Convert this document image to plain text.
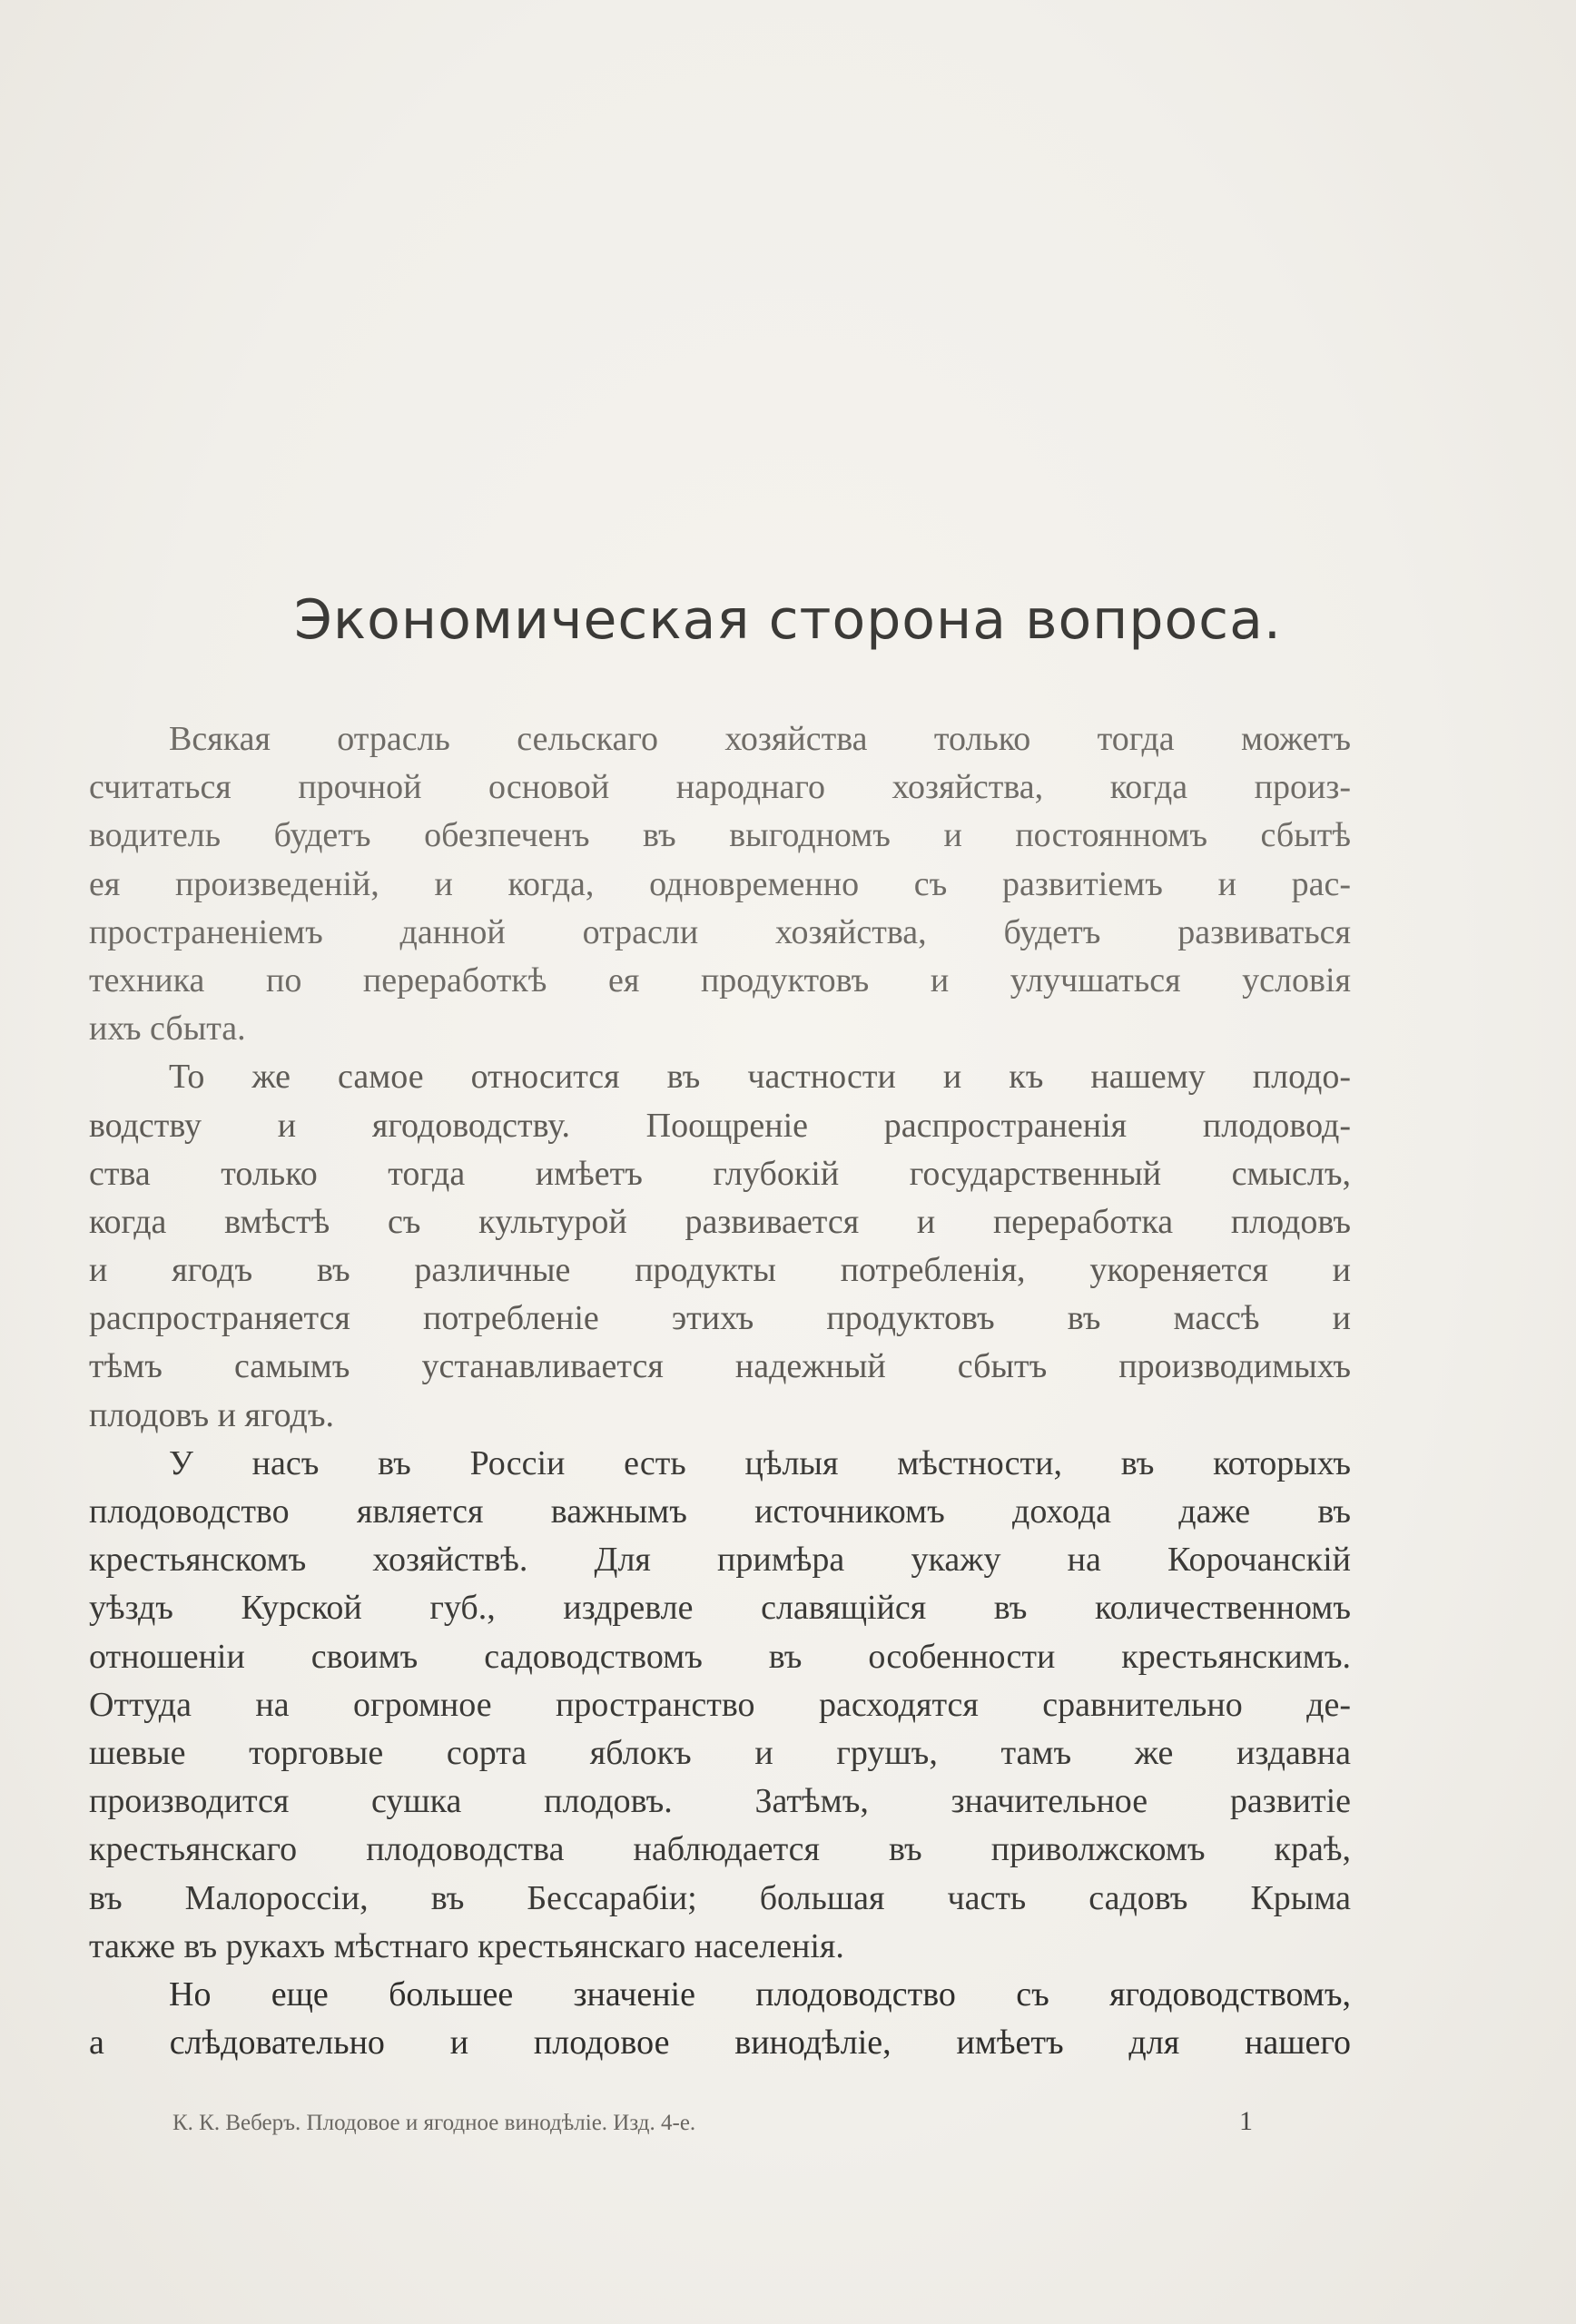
Экономическая сторона вопроса.
Всякая отрасль сельскаго хозяйства только тогда можетъ
считаться прочной основой народнаго хозяйства, когда произ-
водитель будетъ обезпеченъ въ выгодномъ и постоянномъ сбытѣ
ея произведенiй, и когда, одновременно съ развитiемъ и рас-
пространенiемъ данной отрасли хозяйства, будетъ развиваться
техника по переработкѣ ея продуктовъ и улучшаться условiя
ихъ сбыта.
То же самое относится въ частности и къ нашему плодо-
водству и ягодоводству. Поощренiе распространенiя плодовод-
ства только тогда имѣетъ глубокiй государственный смыслъ,
когда вмѣстѣ съ культурой развивается и переработка плодовъ
и ягодъ въ различные продукты потребленiя, укореняется и
распространяется потребленiе этихъ продуктовъ въ массѣ и
тѣмъ самымъ устанавливается надежный сбытъ производимыхъ
плодовъ и ягодъ.
У насъ въ Россiи есть цѣлыя мѣстности, въ которыхъ
плодоводство является важнымъ источникомъ дохода даже въ
крестьянскомъ хозяйствѣ. Для примѣра укажу на Корочанскiй
уѣздъ Курской губ., издревле славящiйся въ количественномъ
отношенiи своимъ садоводствомъ въ особенности крестьянскимъ.
Оттуда на огромное пространство расходятся сравнительно де-
шевые торговые сорта яблокъ и грушъ, тамъ же издавна
производится сушка плодовъ. Затѣмъ, значительное развитiе
крестьянскаго плодоводства наблюдается въ приволжскомъ краѣ,
въ Малороссiи, въ Бессарабiи; большая часть садовъ Крыма
также въ рукахъ мѣстнаго крестьянскаго населенiя.
Но еще большее значенiе плодоводство съ ягодоводствомъ,
а слѣдовательно и плодовое винодѣлiе, имѣетъ для нашего
К. К. Веберъ. Плодовое и ягодное винодѣлiе. Изд. 4-е.	1
